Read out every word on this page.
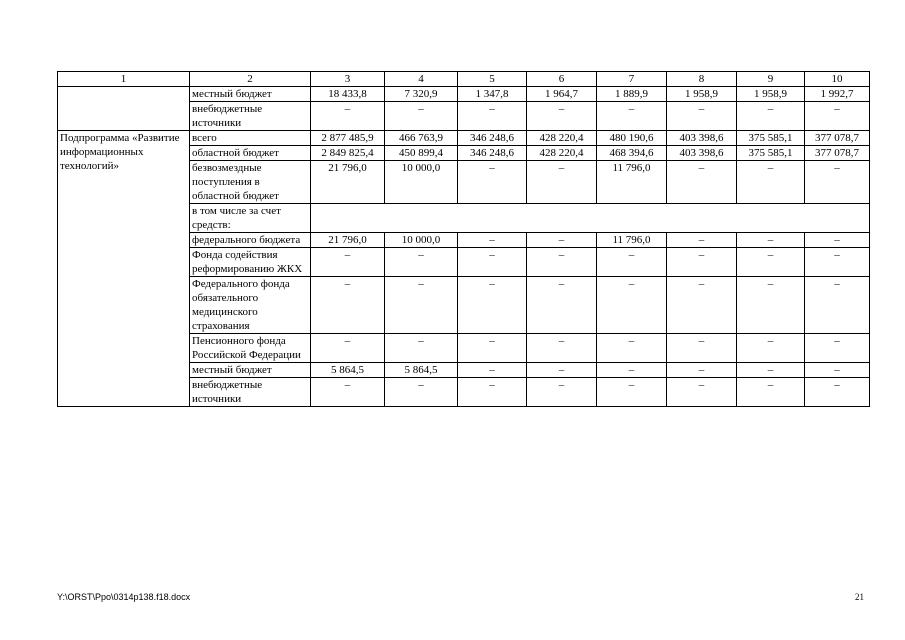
1	2	3	4	5	6	7	8	9	10
	местный бюджет	18 433,8	7 320,9	1 347,8	1 964,7	1 889,9	1 958,9	1 958,9	1 992,7
	внебюджетные источники	–	–	–	–	–	–	–	–
Подпрограмма «Развитие информационных технологий»	всего	2 877 485,9	466 763,9	346 248,6	428 220,4	480 190,6	403 398,6	375 585,1	377 078,7
	областной бюджет	2 849 825,4	450 899,4	346 248,6	428 220,4	468 394,6	403 398,6	375 585,1	377 078,7
	безвозмездные поступления в областной бюджет	21 796,0	10 000,0	–	–	11 796,0	–	–	–
	в том числе за счет средств:								
	федерального бюджета	21 796,0	10 000,0	–	–	11 796,0	–	–	–
	Фонда содействия реформированию ЖКХ	–	–	–	–	–	–	–	–
	Федерального фонда обязательного медицинского страхования	–	–	–	–	–	–	–	–
	Пенсионного фонда Российской Федерации	–	–	–	–	–	–	–	–
	местный бюджет	5 864,5	5 864,5	–	–	–	–	–	–
	внебюджетные источники	–	–	–	–	–	–	–	–
Y:\ORST\Ppo\0314p138.f18.docx	21
